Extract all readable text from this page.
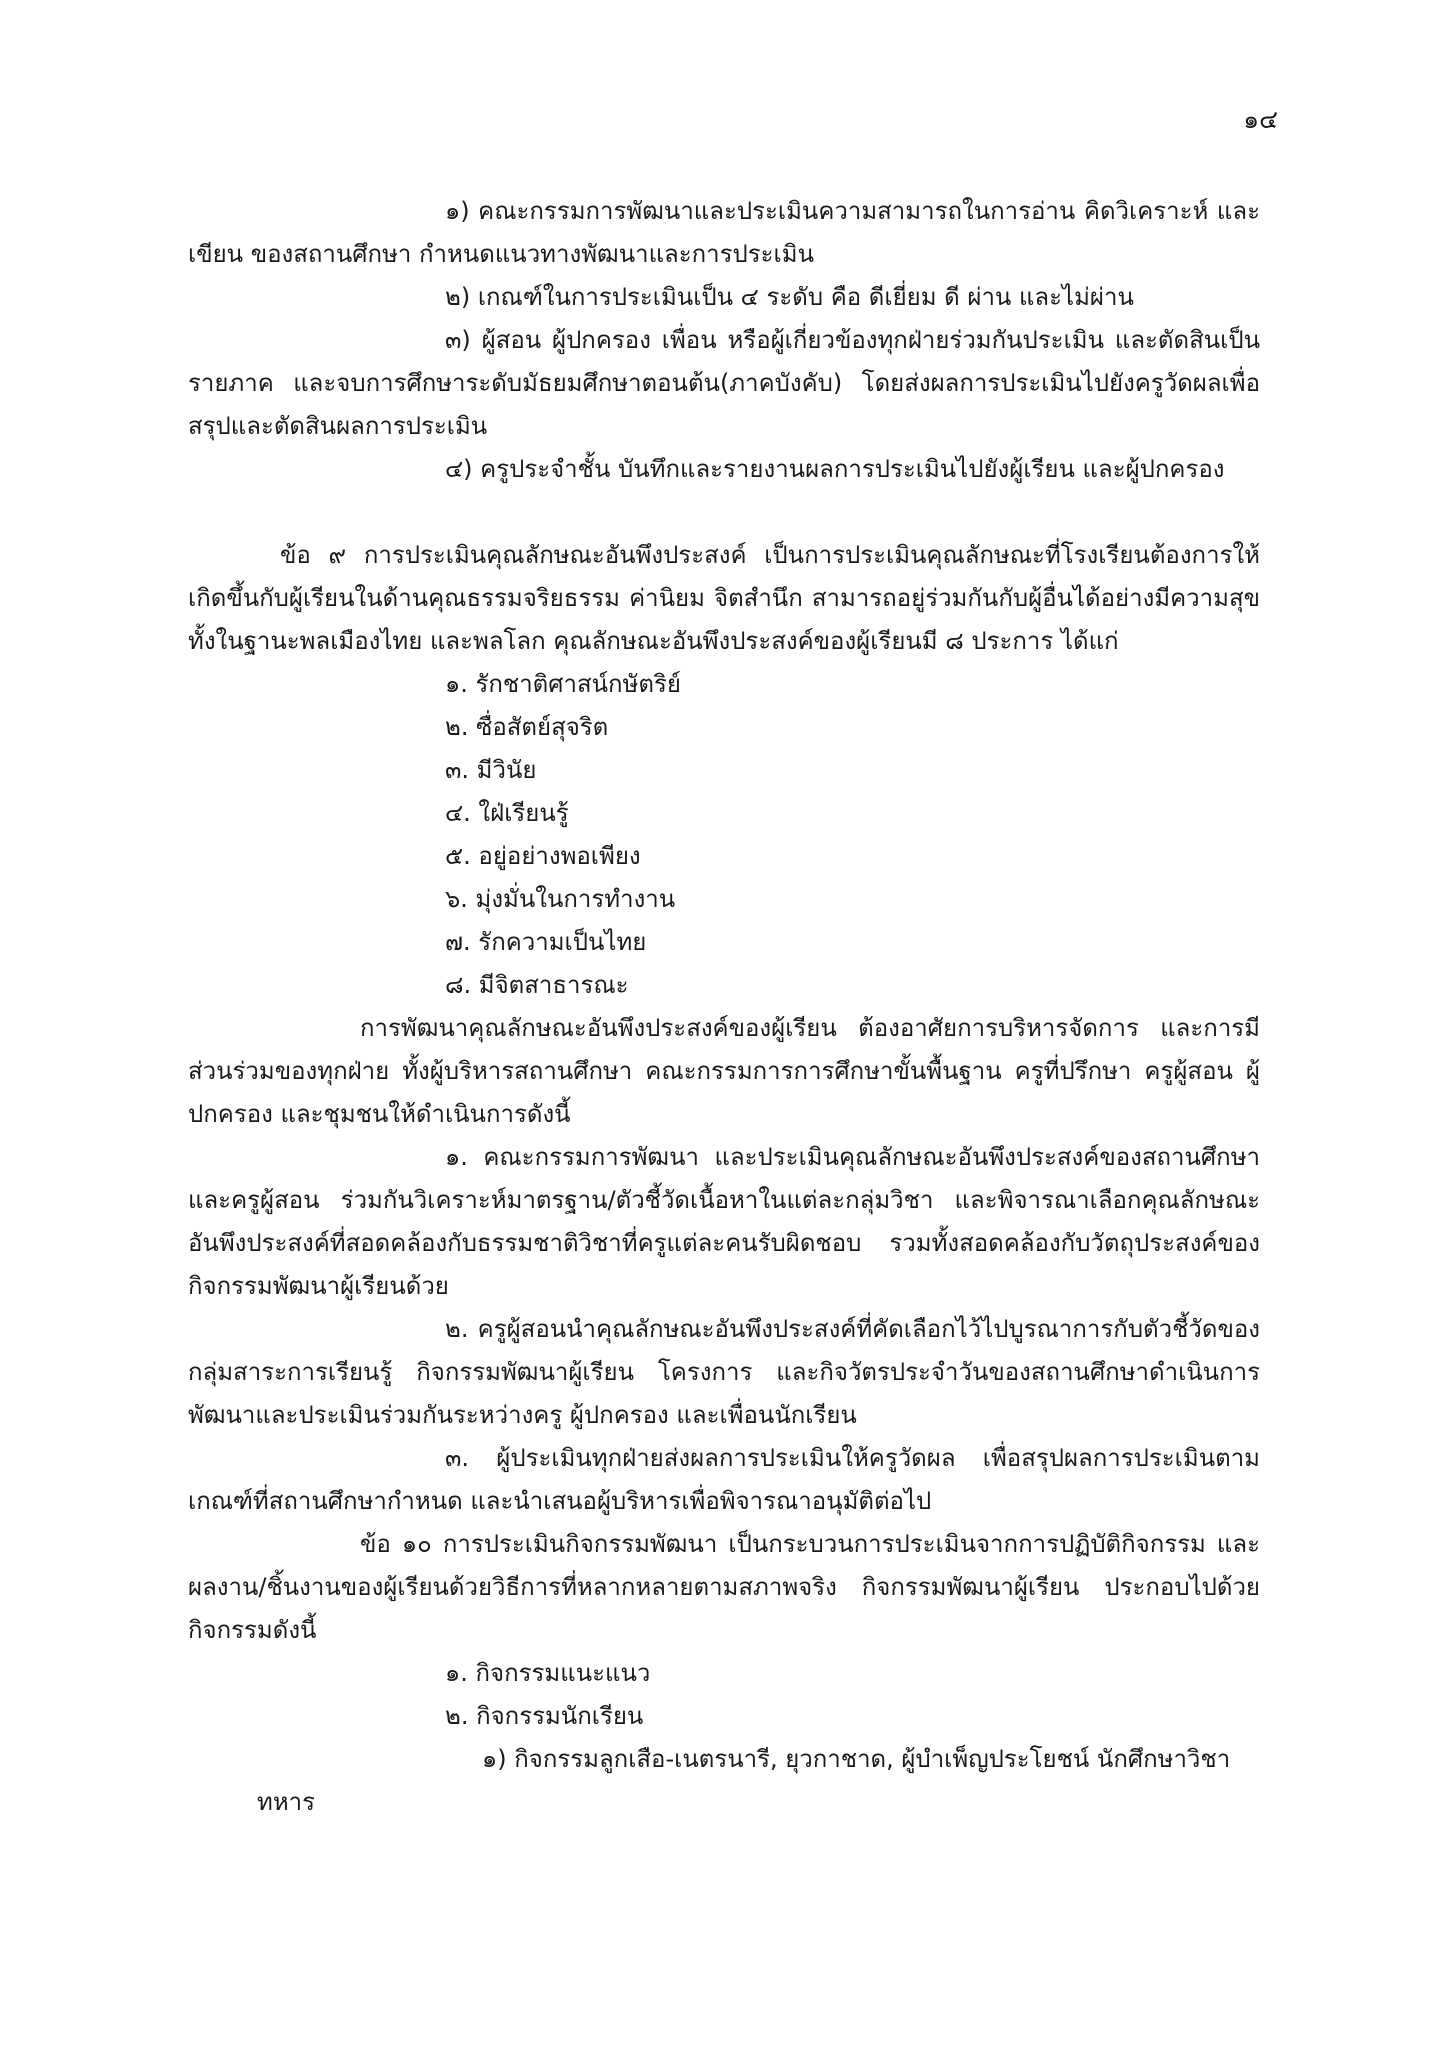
๑๔

๑) คณะกรรมการพัฒนาและประเมินความสามารถในการอ่าน คิดวิเคราะห์ และเขียน ของสถานศึกษา กำหนดแนวทางพัฒนาและการประเมิน

๒) เกณฑ์ในการประเมินเป็น ๔ ระดับ คือ ดีเยี่ยม ดี ผ่าน และไม่ผ่าน

๓) ผู้สอน ผู้ปกครอง เพื่อน หรือผู้เกี่ยวข้องทุกฝ่ายร่วมกันประเมิน และตัดสินเป็นรายภาค และจบการศึกษาระดับมัธยมศึกษาตอนต้น(ภาคบังคับ) โดยส่งผลการประเมินไปยังครูวัดผลเพื่อสรุปและตัดสินผลการประเมิน

๔) ครูประจำชั้น บันทึกและรายงานผลการประเมินไปยังผู้เรียน และผู้ปกครอง

ข้อ ๙ การประเมินคุณลักษณะอันพึงประสงค์ เป็นการประเมินคุณลักษณะที่โรงเรียนต้องการให้เกิดขึ้นกับผู้เรียนในด้านคุณธรรมจริยธรรม ค่านิยม จิตสำนึก สามารถอยู่ร่วมกันกับผู้อื่นได้อย่างมีความสุข ทั้งในฐานะพลเมืองไทย และพลโลก คุณลักษณะอันพึงประสงค์ของผู้เรียนมี ๘ ประการ ได้แก่

๑. รักชาติศาสน์กษัตริย์

๒. ซื่อสัตย์สุจริต

๓. มีวินัย

๔. ใฝ่เรียนรู้

๕. อยู่อย่างพอเพียง

๖. มุ่งมั่นในการทำงาน

๗. รักความเป็นไทย

๘. มีจิตสาธารณะ

การพัฒนาคุณลักษณะอันพึงประสงค์ของผู้เรียน ต้องอาศัยการบริหารจัดการ และการมีส่วนร่วมของทุกฝ่าย ทั้งผู้บริหารสถานศึกษา คณะกรรมการการศึกษาขั้นพื้นฐาน ครูที่ปรึกษา ครูผู้สอน ผู้ปกครอง และชุมชนให้ดำเนินการดังนี้

๑. คณะกรรมการพัฒนา และประเมินคุณลักษณะอันพึงประสงค์ของสถานศึกษา และครูผู้สอน ร่วมกันวิเคราะห์มาตรฐาน/ตัวชี้วัดเนื้อหาในแต่ละกลุ่มวิชา และพิจารณาเลือกคุณลักษณะอันพึงประสงค์ที่สอดคล้องกับธรรมชาติวิชาที่ครูแต่ละคนรับผิดชอบ รวมทั้งสอดคล้องกับวัตถุประสงค์ของกิจกรรมพัฒนาผู้เรียนด้วย

๒. ครูผู้สอนนำคุณลักษณะอันพึงประสงค์ที่คัดเลือกไว้ไปบูรณาการกับตัวชี้วัดของกลุ่มสาระการเรียนรู้ กิจกรรมพัฒนาผู้เรียน โครงการ และกิจวัตรประจำวันของสถานศึกษาดำเนินการพัฒนาและประเมินร่วมกันระหว่างครู ผู้ปกครอง และเพื่อนนักเรียน

๓. ผู้ประเมินทุกฝ่ายส่งผลการประเมินให้ครูวัดผล เพื่อสรุปผลการประเมินตามเกณฑ์ที่สถานศึกษากำหนด และนำเสนอผู้บริหารเพื่อพิจารณาอนุมัติต่อไป

ข้อ ๑๐ การประเมินกิจกรรมพัฒนา เป็นกระบวนการประเมินจากการปฏิบัติกิจกรรม และผลงาน/ชิ้นงานของผู้เรียนด้วยวิธีการที่หลากหลายตามสภาพจริง กิจกรรมพัฒนาผู้เรียน ประกอบไปด้วยกิจกรรมดังนี้

๑. กิจกรรมแนะแนว

๒. กิจกรรมนักเรียน

๑) กิจกรรมลูกเสือ-เนตรนารี, ยุวกาชาด, ผู้บำเพ็ญประโยชน์ นักศึกษาวิชา

ทหาร
